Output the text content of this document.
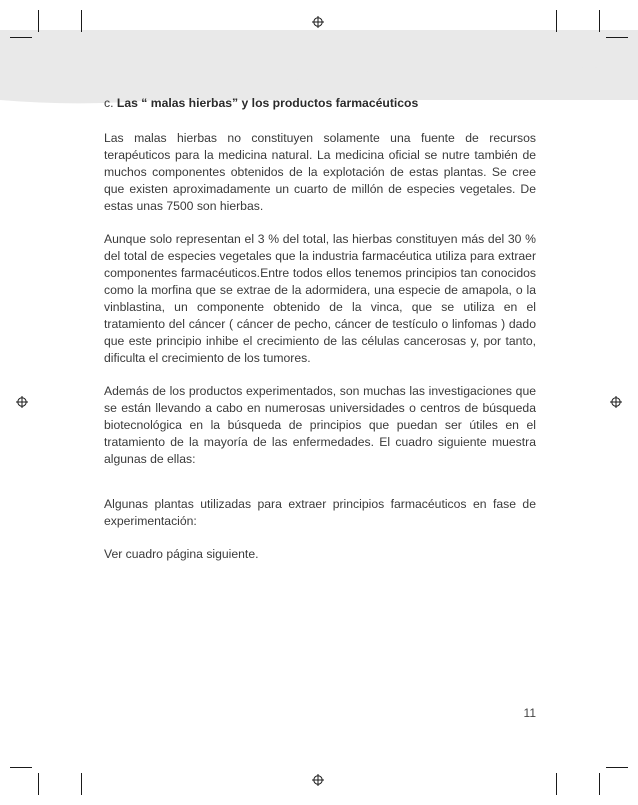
c. Las “ malas hierbas” y los productos farmacéuticos

Las malas hierbas no constituyen solamente una fuente de recursos terapéuticos para la medicina natural. La medicina oficial se nutre también de muchos componentes obtenidos de la explotación de estas plantas. Se cree que existen aproximadamente un cuarto de millón de especies vegetales. De estas unas 7500 son hierbas.

Aunque solo representan el 3 % del total, las hierbas constituyen más del 30 % del total de especies vegetales que la industria farmacéutica utiliza para extraer componentes farmacéuticos.Entre todos ellos tenemos principios tan conocidos como la morfina que se extrae de la adormidera, una especie de amapola, o la vinblastina, un componente obtenido de la vinca, que se utiliza en el tratamiento del cáncer ( cáncer de pecho, cáncer de testículo o linfomas ) dado que este principio inhibe el crecimiento de las células cancerosas y, por tanto, dificulta el crecimiento de los tumores.

Además de los productos experimentados, son muchas las investigaciones que se están llevando a cabo en numerosas universidades o centros de búsqueda biotecnológica en la búsqueda de principios que puedan ser útiles en el tratamiento de la mayoría de las enfermedades. El cuadro siguiente muestra algunas de ellas:

Algunas plantas utilizadas para extraer principios farmacéuticos en fase de experimentación:

Ver cuadro página siguiente.

11
